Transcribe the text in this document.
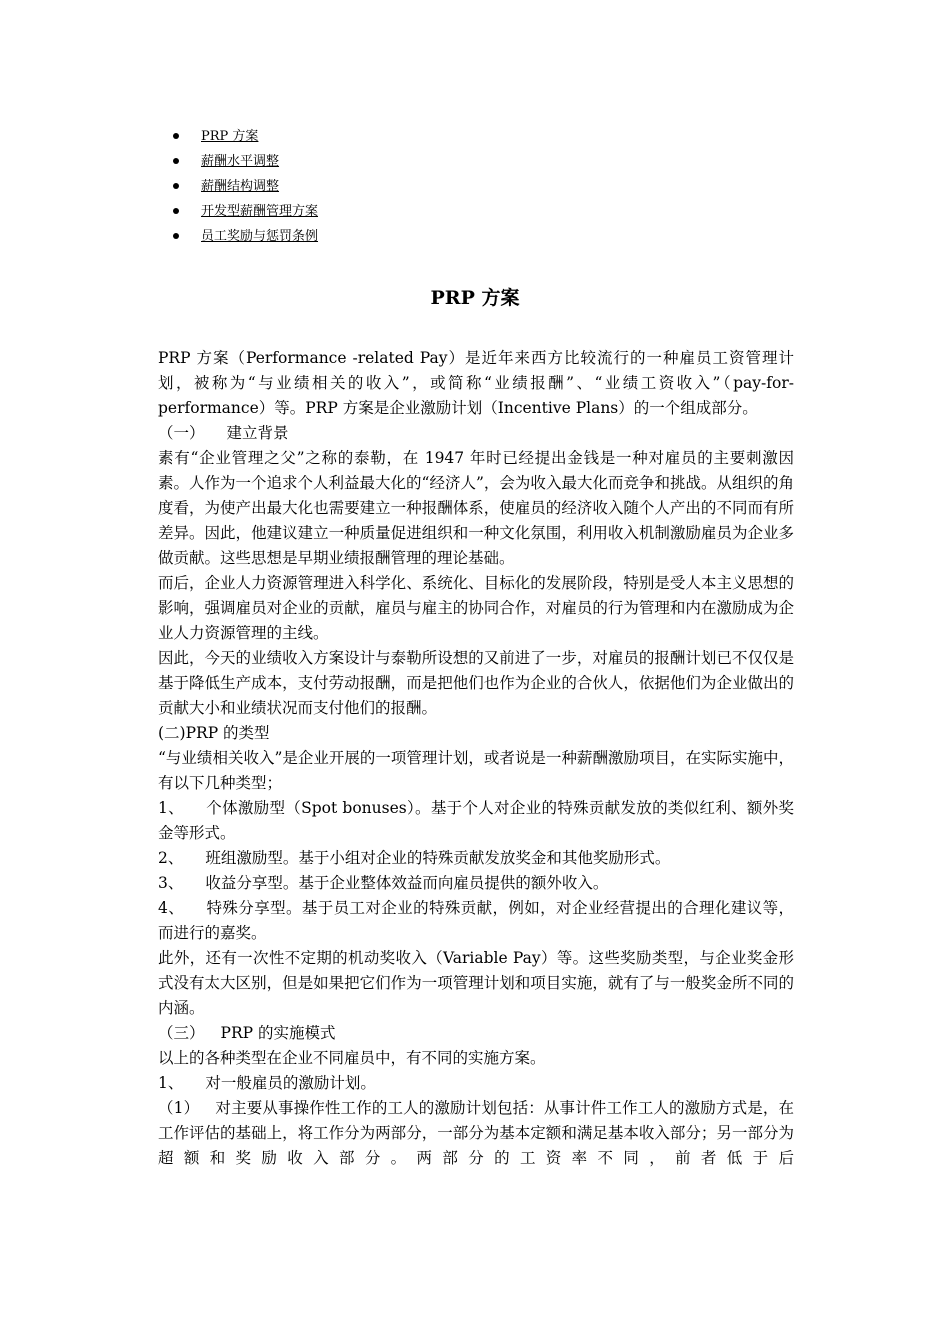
PRP 方案
薪酬水平调整
薪酬结构调整
开发型薪酬管理方案
员工奖励与惩罚条例
PRP 方案

PRP 方案（Performance -related Pay）是近年来西方比较流行的一种雇员工资管理计划，被称为“与业绩相关的收入”，或简称“业绩报酬”、“业绩工资收入”（pay-for-performance）等。PRP 方案是企业激励计划（Incentive Plans）的一个组成部分。

（一） 建立背景

素有“企业管理之父”之称的泰勒，在 1947 年时已经提出金钱是一种对雇员的主要刺激因素。人作为一个追求个人利益最大化的“经济人”，会为收入最大化而竞争和挑战。从组织的角度看，为使产出最大化也需要建立一种报酬体系，使雇员的经济收入随个人产出的不同而有所差异。因此，他建议建立一种质量促进组织和一种文化氛围，利用收入机制激励雇员为企业多做贡献。这些思想是早期业绩报酬管理的理论基础。

而后，企业人力资源管理进入科学化、系统化、目标化的发展阶段，特别是受人本主义思想的影响，强调雇员对企业的贡献，雇员与雇主的协同合作，对雇员的行为管理和内在激励成为企业人力资源管理的主线。

因此，今天的业绩收入方案设计与泰勒所设想的又前进了一步，对雇员的报酬计划已不仅仅是基于降低生产成本，支付劳动报酬，而是把他们也作为企业的合伙人，依据他们为企业做出的贡献大小和业绩状况而支付他们的报酬。

(二)PRP 的类型

“与业绩相关收入”是企业开展的一项管理计划，或者说是一种薪酬激励项目，在实际实施中，有以下几种类型；

1、 个体激励型（Spot bonuses）。基于个人对企业的特殊贡献发放的类似红利、额外奖金等形式。

2、 班组激励型。基于小组对企业的特殊贡献发放奖金和其他奖励形式。

3、 收益分享型。基于企业整体效益而向雇员提供的额外收入。

4、 特殊分享型。基于员工对企业的特殊贡献，例如，对企业经营提出的合理化建议等，而进行的嘉奖。

此外，还有一次性不定期的机动奖收入（Variable Pay）等。这些奖励类型，与企业奖金形式没有太大区别，但是如果把它们作为一项管理计划和项目实施，就有了与一般奖金所不同的内涵。

（三） PRP 的实施模式

以上的各种类型在企业不同雇员中，有不同的实施方案。

1、 对一般雇员的激励计划。

（1） 对主要从事操作性工作的工人的激励计划包括：从事计件工作工人的激励方式是，在工作评估的基础上，将工作分为两部分，一部分为基本定额和满足基本收入部分；另一部分为超额和奖励收入部分。两部分的工资率不同，前者低于后
